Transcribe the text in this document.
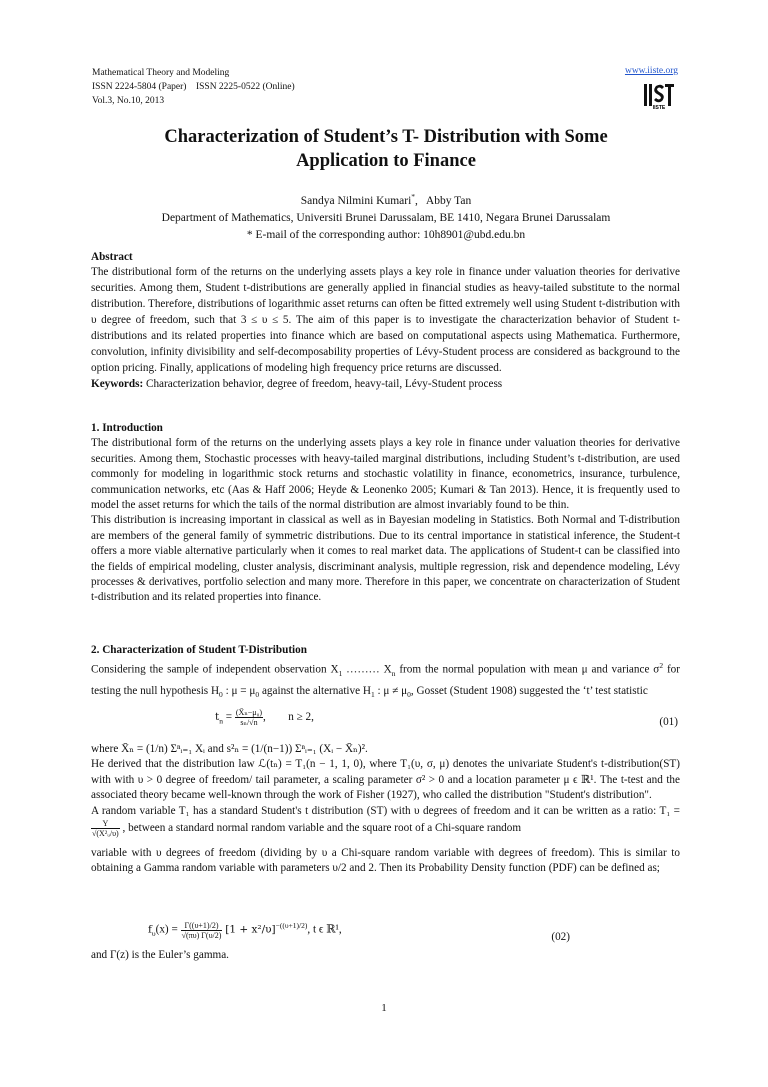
Mathematical Theory and Modeling
ISSN 2224-5804 (Paper)    ISSN 2225-0522 (Online)
Vol.3, No.10, 2013
www.iiste.org
IISTE
Characterization of Student’s T- Distribution with Some
Application to Finance
Sandya Nilmini Kumari*,   Abby Tan
Department of Mathematics, Universiti Brunei Darussalam, BE 1410, Negara Brunei Darussalam
* E-mail of the corresponding author: 10h8901@ubd.edu.bn

Abstract

The distributional form of the returns on the underlying assets plays a key role in finance under valuation theories for derivative securities. Among them, Student t-distributions are generally applied in financial studies as heavy-tailed substitute to the normal distribution. Therefore, distributions of logarithmic asset returns can often be fitted extremely well using Student t-distribution with υ degree of freedom, such that 3 ≤ υ ≤ 5. The aim of this paper is to investigate the characterization behavior of Student t-distributions and its related properties into finance which are based on computational aspects using Mathematica. Furthermore, convolution, infinity divisibility and self-decomposability properties of Lévy-Student process are considered as background to the option pricing. Finally, applications of modeling high frequency price returns are discussed.

Keywords: Characterization behavior, degree of freedom, heavy-tail, Lévy-Student process

1. Introduction

The distributional form of the returns on the underlying assets plays a key role in finance under valuation theories for derivative securities. Among them, Stochastic processes with heavy-tailed marginal distributions, including Student’s t-distribution, are used commonly for modeling in logarithmic stock returns and stochastic volatility in finance, econometrics, insurance, turbulence, communication networks, etc (Aas & Haff 2006; Heyde & Leonenko 2005; Kumari & Tan 2013). Hence, it is frequently used to model the asset returns for which the tails of the normal distribution are almost invariably found to be thin.

This distribution is increasing important in classical as well as in Bayesian modeling in Statistics. Both Normal and T-distribution are members of the general family of symmetric distributions. Due to its central importance in statistical inference, the Student-t offers a more viable alternative particularly when it comes to real market data. The applications of Student-t can be classified into the fields of empirical modeling, cluster analysis, discriminant analysis, multiple regression, risk and dependence modeling, Lévy processes & derivatives, portfolio selection and many more. Therefore in this paper, we concentrate on characterization of Student t-distribution and its related properties into finance.

2. Characterization of Student T-Distribution

Considering the sample of independent observation $X_1$ ……… $X_n$ from the normal population with mean μ and variance $\sigma^2$ for testing the null hypothesis $H_0$ : $\mu = \mu_0$ against the alternative $H_1$ : $\mu \ne \mu_0$, Gosset (Student 1908) suggested the ‘t’ test statistic

$t_n = \frac{\text{(X̄ₙ−μ₀)}}{\text{sₙ/√n}}$ ,        n ≥ 2,	(01)

where X̄ₙ = (1/n) Σⁿᵢ₌₁ Xᵢ and s²ₙ = (1/(n−1)) Σⁿᵢ₌₁ (Xᵢ − X̄ₙ)².

He derived that the distribution law ℒ(tₙ) = T₁(n − 1, 1, 0), where T₁(υ, σ, μ) denotes the univariate Student's t-distribution(ST) with with υ > 0 degree of freedom/ tail parameter, a scaling parameter σ² > 0 and a location parameter μ ϵ ℝ¹. The t-test and the associated theory became well-known through the work of Fisher (1927), who called the distribution "Student's distribution".

A random variable T₁ has a standard Student's t distribution (ST) with υ degrees of freedom and it can be written as a ratio: T₁ =
$\frac{Y}{\text{√(X²ᵤ/υ)}}$ , between a standard normal random variable and the square root of a Chi-square random

variable with υ degrees of freedom (dividing by υ a Chi-square random variable with degrees of freedom). This is similar to obtaining a Gamma random variable with parameters υ/2 and 2. Then its Probability Density function (PDF) can be defined as;

$f_\upsilon(x) = \frac{\Gamma((\upsilon+1)/2)}{√(\pi\upsilon) \Gamma(\upsilon/2)} [1 + x^2/\upsilon]^{-((\upsilon+1)/2)}$, t ϵ ℝ¹,
(02)

and Γ(z) is the Euler’s gamma.

1
